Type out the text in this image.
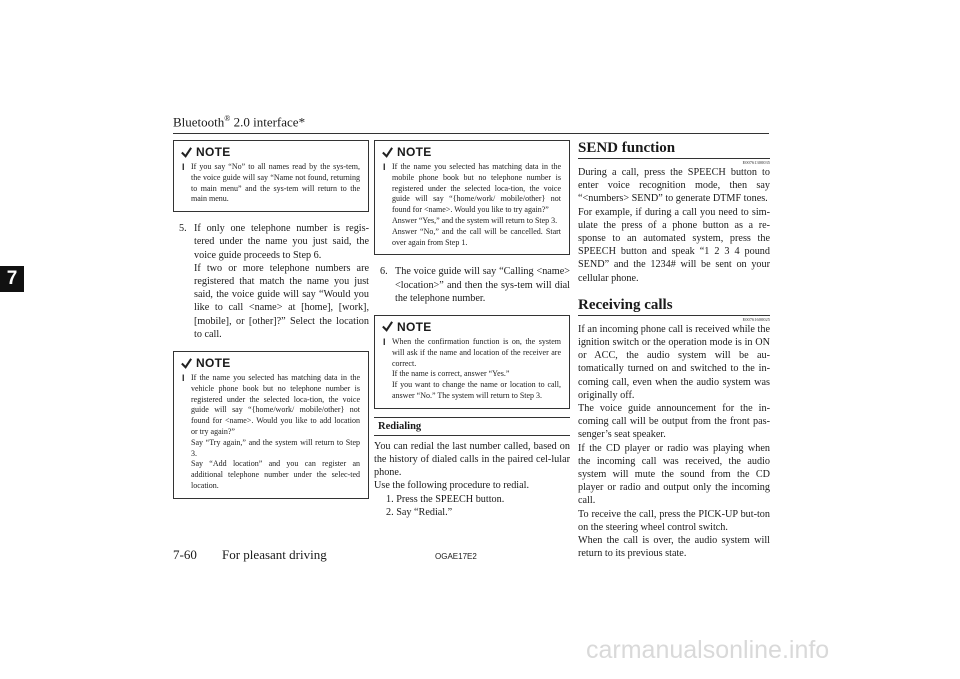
Bluetooth® 2.0 interface*
7
NOTE
l If you say “No” to all names read by the sys-tem, the voice guide will say “Name not found, returning to main menu” and the sys-tem will return to the main menu.

5. If only one telephone number is regis-tered under the name you just said, the voice guide proceeds to Step 6.

If two or more telephone numbers are registered that match the name you just said, the voice guide will say “Would you like to call <name> at [home], [work], [mobile], or [other]?” Select the location to call.

NOTE
l If the name you selected has matching data in the vehicle phone book but no telephone number is registered under the selected loca-tion, the voice guide will say “{home/work/ mobile/other} not found for <name>. Would you like to add location or try again?”

Say “Try again,” and the system will return to Step 3.

Say “Add location” and you can register an additional telephone number under the selec-ted location.

NOTE
l If the name you selected has matching data in the mobile phone book but no telephone number is registered under the selected loca-tion, the voice guide will say “{home/work/ mobile/other} not found for <name>. Would you like to try again?”

Answer “Yes,” and the system will return to Step 3.

Answer “No,” and the call will be cancelled. Start over again from Step 1.

6. The voice guide will say “Calling <name> <location>” and then the sys-tem will dial the telephone number.

NOTE
l When the confirmation function is on, the system will ask if the name and location of the receiver are correct.

If the name is correct, answer “Yes.”

If you want to change the name or location to call, answer “No.” The system will return to Step 3.

Redialing

You can redial the last number called, based on the history of dialed calls in the paired cel-lular phone.

Use the following procedure to redial.

1. Press the SPEECH button.

2. Say “Redial.”

SEND function

E00761300035

During a call, press the SPEECH button to enter voice recognition mode, then say “<numbers> SEND” to generate DTMF tones.

For example, if during a call you need to sim-ulate the press of a phone button as a re-sponse to an automated system, press the SPEECH button and speak “1 2 3 4 pound SEND” and the 1234# will be sent on your cellular phone.

Receiving calls

E00761600025

If an incoming phone call is received while the ignition switch or the operation mode is in ON or ACC, the audio system will be au-tomatically turned on and switched to the in-coming call, even when the audio system was originally off.

The voice guide announcement for the in-coming call will be output from the front pas-senger’s seat speaker.

If the CD player or radio was playing when the incoming call was received, the audio system will mute the sound from the CD player or radio and output only the incoming call.

To receive the call, press the PICK-UP but-ton on the steering wheel control switch.

When the call is over, the audio system will return to its previous state.

7-60 For pleasant driving	OGAE17E2
carmanualsonline.info
